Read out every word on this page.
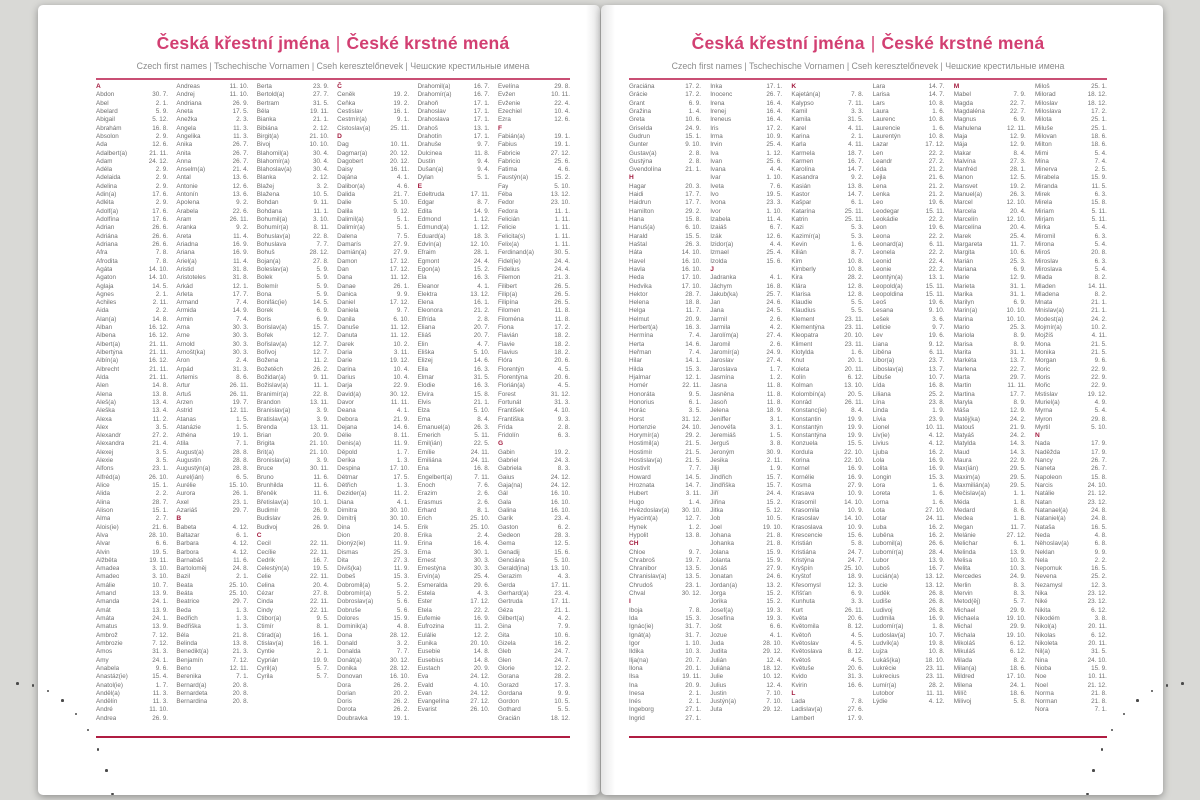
Česká křestní jména | České krstné mená
Czech first names | Tschechische Vornamen | Cseh keresztelőnevek | Чешские крестильные имена
A
Abdon	30. 7.
Ábel	2. 1.
Abelard	5. 9.
Abigail	5. 12.
Abrahám	16. 8.
Absolon	2. 9.
Ada	12. 6.
Adalbert(a)	21. 11.
Adam	24. 12.
Adéla	2. 9.
Adelaida	2. 9.
Adelina	2. 9.
Adin(a)	17. 6.
Adléta	2. 9.
Adolf(a)	17. 6.
Adolfína	17. 6.
Adrian	26. 6.
Adriána	26. 6.
Adriana	26. 6.
Afra	7. 8.
Afrodita	7. 8.
Agáta	14. 10.
Agaton	14. 10.
Aglaja	14. 5.
Agnes	2. 1.
Achiles	2. 11.
Aida	2. 2.
Alan(a)	14. 8.
Alban	16. 12.
Albena	16. 12.
Albert(a)	21. 11.
Albertýna	21. 11.
Albín(a)	16. 12.
Albrecht	21. 11.
Alda	21. 11.
Alen	14. 8.
Alena	13. 8.
Aleš(a)	13. 4.
Aleška	13. 4.
Alexa	11. 2.
Alex	3. 5.
Alexandr	27. 2.
Alexandra	21. 4.
Alexej	3. 5.
Alexie	3. 5.
Alfons	23. 1.
Alfréd(a)	26. 10.
Alice	15. 1.
Alida	2. 2.
Alina	28. 7.
Alison	15. 1.
Alma	2. 7.
Alois(ie)	21. 6.
Alva	28. 10.
Alvar	6. 6.
Alvin	19. 5.
Alžběta	19. 11.
Amadea	3. 10.
Amadeo	3. 10.
Amálie	10. 7.
Amand	13. 9.
Amanda	24. 1.
Amát	13. 9.
Amáta	24. 1.
Amatus	13. 9.
Ambrož	7. 12.
Ambrozie	7. 12.
Ámos	31. 3.
Amy	24. 1.
Anabela	9. 6.
Anastáz(ie)	15. 4.
Anatol(ie)	1. 7.
Anděl(a)	11. 3.
Andělín	11. 3.
André	11. 10.
Andrea	26. 9.
Andreas	11. 10.
Andrej	11. 10.
Andriana	26. 9.
Aneta	17. 5.
Anežka	2. 3.
Angela	11. 3.
Angelika	11. 3.
Anika	26. 7.
Anita	26. 7.
Anna	26. 7.
Anselm(a)	21. 4.
Antal	13. 6.
Antonie	12. 6.
Antonín	13. 6.
Apolena	9. 2.
Arabela	22. 6.
Aram	26. 11.
Aranka	9. 2.
Areta	11. 4.
Ariadna	16. 9.
Ariana	16. 9.
Ariel(a)	11. 4.
Aristid	31. 8.
Aristoteles	31. 8.
Arkád	12. 1.
Arleta	17. 7.
Armand	7. 4.
Armida	14. 9.
Armin	7. 4.
Arna	30. 3.
Arne	30. 3.
Arnold	30. 3.
Arnošt(ka)	30. 3.
Áron	2. 4.
Árpád	31. 3.
Artemis	8. 6.
Artur	26. 11.
Artuš	26. 11.
Arzen	19. 7.
Astrid	12. 11.
Atanas	1. 5.
Atanázie	1. 5.
Athéna	19. 1.
Atila	7. 1.
August(a)	28. 8.
Augustin	28. 8.
Augustýn(a)	28. 8.
Aurel(ián)	6. 5.
Aurélie	15. 10.
Aurora	26. 1.
Axel	23. 1.
Azariáš	29. 7.
B
Babeta	4. 12.
Baltazar	6. 1.
Barbara	4. 12.
Barbora	4. 12.
Barnabáš	11. 6.
Bartoloměj	24. 8.
Bazil	2. 1.
Beata	25. 10.
Beáta	25. 10.
Beatrice	29. 7.
Beda	1. 3.
Bedřich	1. 3.
Bedřiška	1. 3.
Béla	21. 8.
Belinda	13. 8.
Benedikt(a)	21. 3.
Benjamín	7. 12.
Beno	12. 11.
Berenika	7. 1.
Bernard(a)	20. 8.
Bernardeta	20. 8.
Bernardina	20. 8.
Berta	23. 9.
Bertold(a)	27. 7.
Bertram	31. 5.
Běla	19. 11.
Bianka	21. 1.
Bibiána	2. 12.
Birgit(a)	21. 10.
Bivoj	10. 10.
Blahomil(a)	30. 4.
Blahomír(a)	30. 4.
Blahoslav(a)	30. 4.
Blanka	2. 12.
Blažej	3. 2.
Blažena	10. 5.
Bohdan	9. 11.
Bohdana	11. 1.
Bohumil(a)	3. 10.
Bohumír(a)	8. 11.
Bohuslav(a)	22. 8.
Bohuslava	7. 7.
Bohuš	28. 12.
Bojan(a)	27. 8.
Boleslav(a)	5. 9.
Bolek	5. 9.
Bolemír	5. 9.
Bona	5. 9.
Bonifác(ie)	14. 5.
Borek	6. 9.
Boris	6. 9.
Borislav(a)	15. 7.
Bořek	12. 7.
Bořislav(a)	12. 7.
Bořivoj	12. 7.
Božena	11. 2.
Božetěch	26. 2.
Božidar(a)	9. 11.
Božislav(a)	11. 1.
Branimír(a)	22. 8.
Brandon	13. 11.
Branislav(a)	3. 9.
Bratislav(a)	3. 9.
Brenda	13. 11.
Brian	20. 9.
Brigita	21. 10.
Brit(a)	21. 10.
Bronislav(a)	3. 9.
Bruce	30. 11.
Bruno	11. 6.
Brunhilda	11. 6.
Břeněk	11. 6.
Břetislav(a)	10. 1.
Budimír	26. 9.
Budislav	26. 9.
Budivoj	26. 9.
C
Cecil	22. 11.
Cecílie	22. 11.
Cedrik	16. 7.
Celestýn(a)	19. 5.
Celie	22. 11.
Celina	20. 4.
Cézar	27. 8.
Cinda	22. 11.
Cindy	22. 11.
Ctibor(a)	9. 5.
Ctimír	8. 1.
Ctirad(a)	16. 1.
Ctislav(a)	16. 1.
Cyntie	2. 1.
Cyprián	19. 9.
Cyril(a)	5. 7.
Cyrila	5. 7.
Č
Čeněk	19. 2.
Čeňka	19. 2.
Čestislav	16. 1.
Čestmír(a)	9. 1.
Čistoslav(a)	25. 11.
D
Dag	10. 11.
Dagmar(a)	20. 12.
Dagobert	20. 12.
Daisy	16. 11.
Dajána	4. 1.
Dalibor(a)	4. 6.
Dalida	21. 7.
Dalie	5. 10.
Dalila	9. 12.
Dalimil(a)	5. 1.
Dalimír(a)	5. 1.
Dalena	7. 5.
Damarís	27. 9.
Damián(a)	27. 9.
Damon	17. 12.
Dan	17. 12.
Dana	11. 12.
Danae	26. 1.
Danica	9. 9.
Daniel	17. 12.
Daniela	9. 7.
Danila	6. 10.
Danuše	11. 12.
Danuta	11. 12.
Darek	10. 2.
Daria	3. 11.
Darie	19. 12.
Darina	10. 4.
Darius	10. 4.
Darja	22. 9.
David(a)	30. 12.
Davor	11. 11.
Deana	4. 1.
Debora	21. 9.
Dejana	14. 6.
Délie	8. 11.
Denis(a)	11. 9.
Děpold	1. 7.
Derika	1. 3.
Despina	17. 10.
Détmar	17. 5.
Dětřich	1. 3.
Dezider(a)	11. 2.
Diana	4. 1.
Dimitra	30. 10.
Dimitrij	30. 10.
Dina	14. 5.
Dion	20. 8.
Dionýz(ie)	11. 9.
Dismas	25. 3.
Dita	27. 3.
Diviš(ka)	11. 9.
Dobeš	15. 3.
Dobromil(a)	5. 2.
Dobromír(a)	5. 2.
Dobroslav(a)	5. 6.
Dobruše	5. 6.
Dolores	15. 9.
Dominik(a)	4. 8.
Dona	28. 12.
Donald	3. 2.
Donalda	7. 7.
Donát(a)	30. 12.
Donika	28. 12.
Donovan	16. 10.
Dora	26. 2.
Dorian	20. 2.
Doris	26. 2.
Dorota	26. 2.
Doubravka	19. 1.
Drahomil(a)	16. 7.
Drahomír(a)	16. 7.
Drahoň	17. 1.
Drahoslav	17. 1.
Drahoslava	17. 1.
Drahoš	13. 1.
Drahotín	17. 1.
Drahuše	9. 7.
Dulcinea	11. 8.
Dustin	9. 4.
Dušan(a)	9. 4.
Dylan	5. 1.
E
Edeltruda	17. 11.
Edgar	8. 7.
Edita	14. 9.
Edmond	1. 12.
Edmund(a)	1. 12.
Eduard(a)	18. 3.
Edvín(a)	12. 10.
Efraim	28. 1.
Egmont	24. 4.
Egon(a)	15. 2.
Ela	16. 3.
Eleanor	4. 1.
Elektra	13. 12.
Elena	16. 1.
Eleonora	21. 2.
Elfrída	2. 8.
Eliana	20. 7.
Eliáš	20. 7.
Elin	4. 7.
Eliška	5. 10.
Elizej	14. 6.
Ella	16. 3.
Elmar	31. 5.
Elodie	16. 3.
Elvíra	15. 8.
Elvis	21. 1.
Elza	5. 10.
Ema	8. 4.
Emanuel(a)	26. 3.
Emerich	5. 11.
Emil(ián)	22. 5.
Emílie	24. 11.
Emiliána	24. 11.
Ena	16. 8.
Engelbert(a)	7. 11.
Enoch	7. 6.
Erazim	2. 6.
Erasmus	2. 6.
Erhard	8. 1.
Erich	25. 10.
Erik	25. 10.
Erika	2. 4.
Erina	16. 4.
Erna	30. 1.
Ernest	30. 3.
Ernestýna	30. 3.
Ervín(a)	25. 4.
Esmeralda	29. 6.
Estela	4. 3.
Ester	17. 12.
Etela	22. 2.
Eufemie	16. 9.
Eufrozina	11. 2.
Eulálie	12. 2.
Eunika	20. 10.
Eusebie	14. 8.
Eusebius	14. 8.
Eustach	20. 9.
Eva	24. 12.
Evald	4. 10.
Evan	24. 12.
Evangelína	27. 12.
Evarist	26. 10.
Evelína	29. 8.
Evžen	10. 11.
Evženie	22. 4.
Ezechiel	10. 4.
Ezra	12. 6.
F
Fabián(a)	19. 1.
Fabius	19. 1.
Fabricie	27. 12.
Fabricio	25. 6.
Fatima	4. 6.
Faustýn(a)	15. 2.
Fay	5. 10.
Féba	13. 12.
Fedor	23. 10.
Fedora	11. 1.
Felicián	1. 11.
Felicie	1. 11.
Felicita(s)	1. 11.
Felix(a)	1. 11.
Ferdinand(a)	30. 5.
Fidel(ie)	24. 4.
Fidelius	24. 4.
Filemon	21. 3.
Filibert	26. 5.
Filip(a)	26. 5.
Filipína	26. 5.
Filomen	11. 8.
Filoména	11. 8.
Fiona	17. 2.
Flavián	18. 2.
Flavie	18. 2.
Flavius	18. 2.
Flóra	20. 6.
Florentýn	4. 5.
Florentýna	20. 6.
Florián(a)	4. 5.
Forest	31. 12.
Fortunát	31. 3.
František	4. 10.
Františka	9. 3.
Frída	2. 8.
Fridolín	6. 3.
G
Gabin	19. 2.
Gabriel	24. 3.
Gabriela	8. 3.
Gaius	24. 12.
Gaja(na)	24. 12.
Gál	16. 10.
Gala	16. 10.
Galina	16. 10.
Garik	23. 4.
Gaston	6. 2.
Gedeon	28. 3.
Gema	12. 5.
Genadij	15. 6.
Genciána	5. 10.
Gerald(ina)	13. 10.
Gerazim	4. 3.
Gerda	17. 11.
Gerhard(a)	23. 4.
Gertruda	17. 11.
Géza	21. 1.
Gilbert(a)	4. 2.
Gina	7. 9.
Gita	10. 6.
Gizela	16. 2.
Gleb	24. 7.
Glen	24. 7.
Glorie	12. 2.
Gorana	28. 2.
Gorazd	17. 3.
Gordana	9. 9.
Gordon	10. 5.
Gothard	5. 5.
Gracián	18. 12.
Česká křestní jména | České krstné mená
Czech first names | Tschechische Vornamen | Cseh keresztelőnevek | Чешские крестильные имена
Graciána	17. 2.
Grácie	17. 2.
Grant	6. 9.
Gražina	1. 4.
Greta	10. 6.
Griselda	24. 9.
Gudrun	15. 1.
Gunter	9. 10.
Gustav(a)	2. 8.
Gustýna	2. 8.
Gvendolína	21. 1.
H
Hagar	20. 3.
Haidi	17. 7.
Haidrun	17. 7.
Hamilton	29. 2.
Hana	15. 8.
Hanuš(a)	6. 10.
Harald	15. 5.
Haštal	26. 3.
Háta	14. 10.
Havel	16. 10.
Havla	16. 10.
Heda	17. 10.
Hedvika	17. 10.
Hektor	28. 7.
Helena	18. 8.
Helga	11. 7.
Helmut	20. 9.
Herbert(a)	16. 3.
Hermína	7. 4.
Herta	14. 6.
Heřman	7. 4.
Hilar	14. 1.
Hilda	15. 3.
Hjalmar	12. 1.
Homér	22. 11.
Honoráta	9. 5.
Honorius	6. 1.
Horác	3. 5.
Horst	31. 12.
Hortenzie	24. 10.
Horymír(a)	29. 2.
Hostimil(a)	21. 5.
Hostimír	21. 5.
Hostislav(a)	21. 5.
Hostivít	7. 7.
Howard	14. 5.
Hroznata	14. 7.
Hubert	3. 11.
Hugo	1. 4.
Hvězdoslav(a) 30. 10.
Hyacint(a)	12. 7.
Hynek	1. 2.
Hypolit	13. 8.
CH
Chloe	9. 7.
Chrabroš	19. 7.
Chranibor	13. 5.
Chranislav(a)	13. 5.
Chrudoš	23. 1.
Chval	30. 12.
I
Iboja	7. 8.
Ida	15. 3.
Ignác(ie)	31. 7.
Ignát(a)	31. 7.
Igor	1. 10.
Ildika	10. 3.
Ilja(na)	20. 7.
Ilona	20. 1.
Ilsa	19. 11.
Ina	20. 9.
Inesa	2. 1.
Inés	2. 1.
Ingeborg	27. 1.
Ingrid	27. 1.
Inka	17. 1.
Inocenc	26. 7.
Irena	16. 4.
Irenej	16. 4.
Ireneus	16. 4.
Iris	17. 2.
Irma	10. 9.
Irvin	25. 4.
Iva	1. 12.
Ivan	25. 6.
Ivana	4. 4.
Ivar	1. 10.
Iveta	7. 6.
Ivo	19. 5.
Ivona	23. 3.
Ivor	1. 10.
Izabela	11. 4.
Izaiáš	6. 7.
Izák	12. 6.
Izidor(a)	4. 4.
Izmael	25. 4.
Izolda	15. 6.
J
Jadranka	4. 1.
Jáchym	16. 8.
Jakub(ka)	25. 7.
Jan	24. 6.
Jana	24. 5.
Jarmil	2. 6.
Jarmila	4. 2.
Jarolím(a)	27. 4.
Jaromil	2. 6.
Jaromír(a)	24. 9.
Jaroslav	27. 4.
Jaroslava	1. 7.
Jasmína	1. 2.
Jasna	11. 8.
Jasněna	11. 8.
Jasoň	11. 8.
Jelena	18. 9.
Jeniffer	3. 1.
Jenovéfa	3. 1.
Jeremiáš	1. 5.
Jerguš	3. 8.
Jeroným	30. 9.
Jesika	2. 11.
Jiljí	1. 9.
Jindřich	15. 7.
Jindřiška	15. 7.
Jiří	24. 4.
Jiřina	15. 2.
Jitka	5. 12.
Job	10. 5.
Joel	19. 10.
Johana	21. 8.
Johanka	21. 8.
Jolana	15. 9.
Jolanta	15. 9.
Jonáš	27. 9.
Jonatan	24. 6.
Jordan(a)	13. 2.
Jorga	15. 2.
Jorika	15. 2.
Josef(a)	19. 3.
Josefína	19. 3.
Jošt	6. 6.
Jozue	4. 1.
Juda	28. 10.
Judita	29. 12.
Julián	12. 4.
Juliána	18. 12.
Julie	10. 12.
Julius	12. 4.
Justin	7. 10.
Justýn(a)	7. 10.
Juta	29. 12.
K
Kajetán(a)	7. 8.
Kalypso	7. 11.
Kamil	3. 3.
Kamila	31. 5.
Karel	4. 11.
Karina	2. 1.
Karla	4. 11.
Karmela	18. 7.
Karmen	16. 7.
Karolína	14. 7.
Kasandra	9. 2.
Kasián	13. 8.
Kastor	14. 7.
Kašpar	6. 1.
Katarína	25. 11.
Katrin	25. 11.
Kazi	5. 3.
Kazimír(a)	5. 3.
Kevin	1. 6.
Kilián	8. 7.
Kim	10. 8.
Kimberly	10. 8.
Kira	28. 2.
Klára	12. 8.
Klarisa	12. 8.
Klaudie	5. 5.
Klaudius	5. 5.
Klement	23. 11.
Klementýna	23. 11.
Kleopatra	20. 10.
Kliment	23. 11.
Klotylda	1. 6.
Knut	20. 1.
Koleta	20. 11.
Kolín	6. 12.
Kolman	13. 10.
Kolombín(a)	20. 5.
Konrád	26. 11.
Konstanc(ie)	8. 4.
Konstantin	19. 9.
Konstantýn	19. 9.
Konstantýna	19. 9.
Konzuela	15. 5.
Kordula	22. 10.
Korina	22. 10.
Kornel	16. 9.
Kornélie	16. 9.
Kosma	27. 9.
Krasava	10. 9.
Krasomil	14. 10.
Krasomila	10. 9.
Krasoslav	14. 10.
Krasoslava	10. 9.
Krescencie	15. 6.
Kristián	5. 8.
Kristiána	24. 7.
Kristýna	24. 7.
Kryšpín	25. 10.
Kryštof	18. 9.
Křesomysl	12. 3.
Křišťan	6. 9.
Kunhuta	3. 3.
Kurt	26. 11.
Květa	20. 6.
Květomila	8. 12.
Květoň	4. 5.
Květoslav	4. 5.
Květoslava	8. 12.
Květoš	4. 5.
Květuše	20. 6.
Kvido	31. 3.
Kvirin	16. 6.
L
Lada	7. 8.
Ladislav(a)	27. 6.
Lambert	17. 9.
Lara	14. 7.
Larisa	14. 7.
Lars	10. 8.
Laura	1. 6.
Laurenc	10. 8.
Laurencie	1. 6.
Laurentýn	10. 8.
Lazar	17. 12.
Len	22. 2.
Leandr	27. 2.
Léda	21. 2.
Lejla	21. 6.
Lena	21. 2.
Lenka	21. 2.
Leo	19. 6.
Leodegar	15. 11.
Leokádie	22. 2.
Leon	19. 6.
Leona	22. 2.
Leonard(a)	6. 11.
Leonela	22. 2.
Leonid	22. 4.
Leonie	22. 2.
Leontýn(a)	13. 1.
Leopold(a)	15. 11.
Leopoldina	15. 11.
Leoš	19. 6.
Lesana	9. 10.
Lešek	3. 6.
Leticie	9. 7.
Lev	19. 6.
Liana	9. 12.
Liběna	6. 11.
Libor(a)	23. 7.
Liboslav(a)	13. 7.
Libuše	10. 7.
Lída	16. 8.
Liliana	25. 2.
Lína	23. 8.
Linda	1. 9.
Lívia	23. 9.
Lionel	10. 11.
Liv(ie)	4. 12.
Livius	4. 12.
Ljuba	16. 2.
Lola	16. 9.
Lolita	16. 9.
Longin	15. 3.
Lora	1. 6.
Loreta	1. 6.
Lorna	1. 6.
Lota	27. 10.
Lotar	24. 11.
Luba	16. 2.
Luběna	16. 2.
Lubomil(a)	26. 6.
Lubomír(a)	28. 4.
Lubor	13. 9.
Luboš	16. 7.
Lucián(a)	13. 12.
Lucie	13. 12.
Luděk	26. 8.
Ludiše	26. 8.
Ludivoj	26. 8.
Ludmila	16. 9.
Ludomír(a)	1. 8.
Ludoslav(a)	10. 7.
Ludvík(a)	19. 8.
Lujza	10. 8.
Lukáš(ka)	18. 10.
Lukrécie	23. 11.
Lukrecius	23. 11.
Lumír(a)	28. 2.
Lutobor	11. 11.
Lýdie	4. 12.
M
Mabel	7. 9.
Magda	22. 7.
Magdaléna	22. 7.
Magnus	6. 9.
Mahulena	12. 11.
Maja	12. 9.
Mája	12. 9.
Makar	8. 4.
Malvína	27. 3.
Manfréd	28. 1.
Manon	12. 5.
Mansvet	19. 2.
Manuel(a)	26. 3.
Marcel	12. 10.
Marcela	20. 4.
Marcelín	12. 10.
Marcelína	20. 4.
Marek	25. 4.
Margareta	11. 7.
Margita	10. 6.
Marián	25. 3.
Mariana	6. 9.
Marie	12. 9.
Marieta	31. 1.
Marika	31. 1.
Marilyn	6. 9.
Marin(a)	10. 10.
Marina	10. 10.
Mario	25. 3.
Mariola	8. 9.
Marisa	8. 9.
Marita	31. 1.
Markéta	13. 7.
Marlena	22. 7.
Marta	29. 7.
Martin	11. 11.
Martina	17. 7.
Maryla	8. 9.
Máša	12. 9.
Matěj(ka)	24. 2.
Matouš	21. 9.
Matyáš	24. 2.
Matylda	14. 3.
Maud	14. 3.
Maura	22. 9.
Max(ián)	29. 5.
Maxim(a)	29. 5.
Maxmilián(a)	29. 5.
Mečislav(a)	1. 1.
Méda	1. 8.
Medard	8. 6.
Medea	1. 8.
Megan	11. 7.
Melánie	27. 12.
Melichar	6. 1.
Melinda	13. 9.
Melisa	10. 3.
Melita	10. 3.
Mercedes	24. 9.
Merlin	8. 3.
Mervin	8. 3.
Metod(ěj)	5. 7.
Michael	29. 9.
Michaela	19. 10.
Michal	29. 9.
Michala	19. 10.
Mikoláš	6. 12.
Mikuláš	6. 12.
Milada	8. 2.
Milan(a)	18. 6.
Mildred	17. 10.
Milena	24. 1.
Milíč	18. 6.
Milivoj	5. 8.
Miloš	25. 1.
Milorad	18. 12.
Miloslav	18. 12.
Miloslava	17. 2.
Milota	25. 1.
Miluše	25. 1.
Milovan	18. 6.
Milton	18. 6.
Mimi	5. 4.
Mína	7. 4.
Minerva	2. 5.
Mirabela	15. 9.
Miranda	11. 5.
Mirek	6. 3.
Mirela	15. 8.
Miriam	5. 11.
Mirjam	5. 11.
Mirka	5. 4.
Miromil	6. 3.
Mirona	5. 4.
Miroš	20. 8.
Miroslav	6. 3.
Miroslava	5. 4.
Mlada	8. 2.
Mladen	14. 11.
Mladena	8. 2.
Mnata	21. 1.
Mnislav(a)	21. 1.
Modest(a)	24. 2.
Mojmír(a)	10. 2.
Mojžíš	4. 11.
Mona	21. 5.
Monika	21. 5.
Morgan	9. 6.
Moric	22. 9.
Moris	22. 9.
Mořic	22. 9.
Mstislav	19. 12.
Muriel(a)	4. 9.
Myrna	5. 4.
Myron	29. 8.
Myrtil	5. 10.
N
Nada	17. 9.
Naděžda	17. 9.
Nancy	26. 7.
Naneta	26. 7.
Napoleon	15. 8.
Narcis	24. 10.
Natálie	21. 12.
Natan	23. 12.
Natanael(a)	24. 8.
Nataniel(a)	24. 8.
Nataša	16. 5.
Neda	4. 8.
Něhoslav(a)	6. 8.
Neklan	9. 9.
Nela	2. 2.
Nepomuk	16. 5.
Nevena	25. 2.
Nezamysl	12. 3.
Nika	23. 12.
Niké	23. 12.
Nikita	6. 12.
Nikodém	3. 8.
Nikol(a)	20. 11.
Nikolas	6. 12.
Nikoleta	20. 11.
Nil(a)	31. 5.
Nina	24. 10.
Nioba	15. 9.
Noe	10. 11.
Noel	21. 12.
Norma	21. 8.
Norman	21. 8.
Nora	7. 1.
